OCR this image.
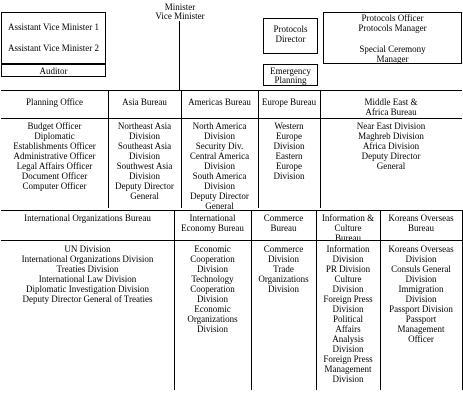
Minister
Vice Minister
Assistant Vice Minister 1
Assistant Vice Minister 2
Auditor
Protocols
Director
Emergency
Planning
Protocols Officer
Protocols Manager
Special Ceremony
Manager
Planning Office
Budget Officer
Diplomatic
Establishments Officer
Administrative Officer
Legal Affairs Officer
Document Officer
Computer Officer
Asia Bureau
Northeast Asia
Division
Southeast Asia
Division
Southwest Asia
Division
Deputy Director
General
Americas Bureau
North America
Division
Security Div.
Central America
Division
South America
Division
Deputy Director
General
Europe Bureau
Western
Europe
Division
Eastern
Europe
Division
Middle East &
Africa Bureau
Near East Division
Maghreb Division
Africa Division
Deputy Director
General
International Organizations Bureau
UN Division
International Organizations Division
Treaties Division
International Law Division
Diplomatic Investigation Division
Deputy Director General of Treaties
International
Economy Bureau
Economic
Cooperation
Division
Technology
Cooperation
Division
Economic
Organizations
Division
Commerce
Bureau
Commerce
Division
Trade
Organizations
Division
Information &
Culture
Bureau
Information
Division
PR Division
Culture
Division
Foreign Press
Division
Political
Affairs
Analysis
Division
Foreign Press
Management
Division
Koreans Overseas
Bureau
Koreans Overseas
Division
Consuls General
Division
Immigration
Division
Passport Division
Passport
Management
Officer
